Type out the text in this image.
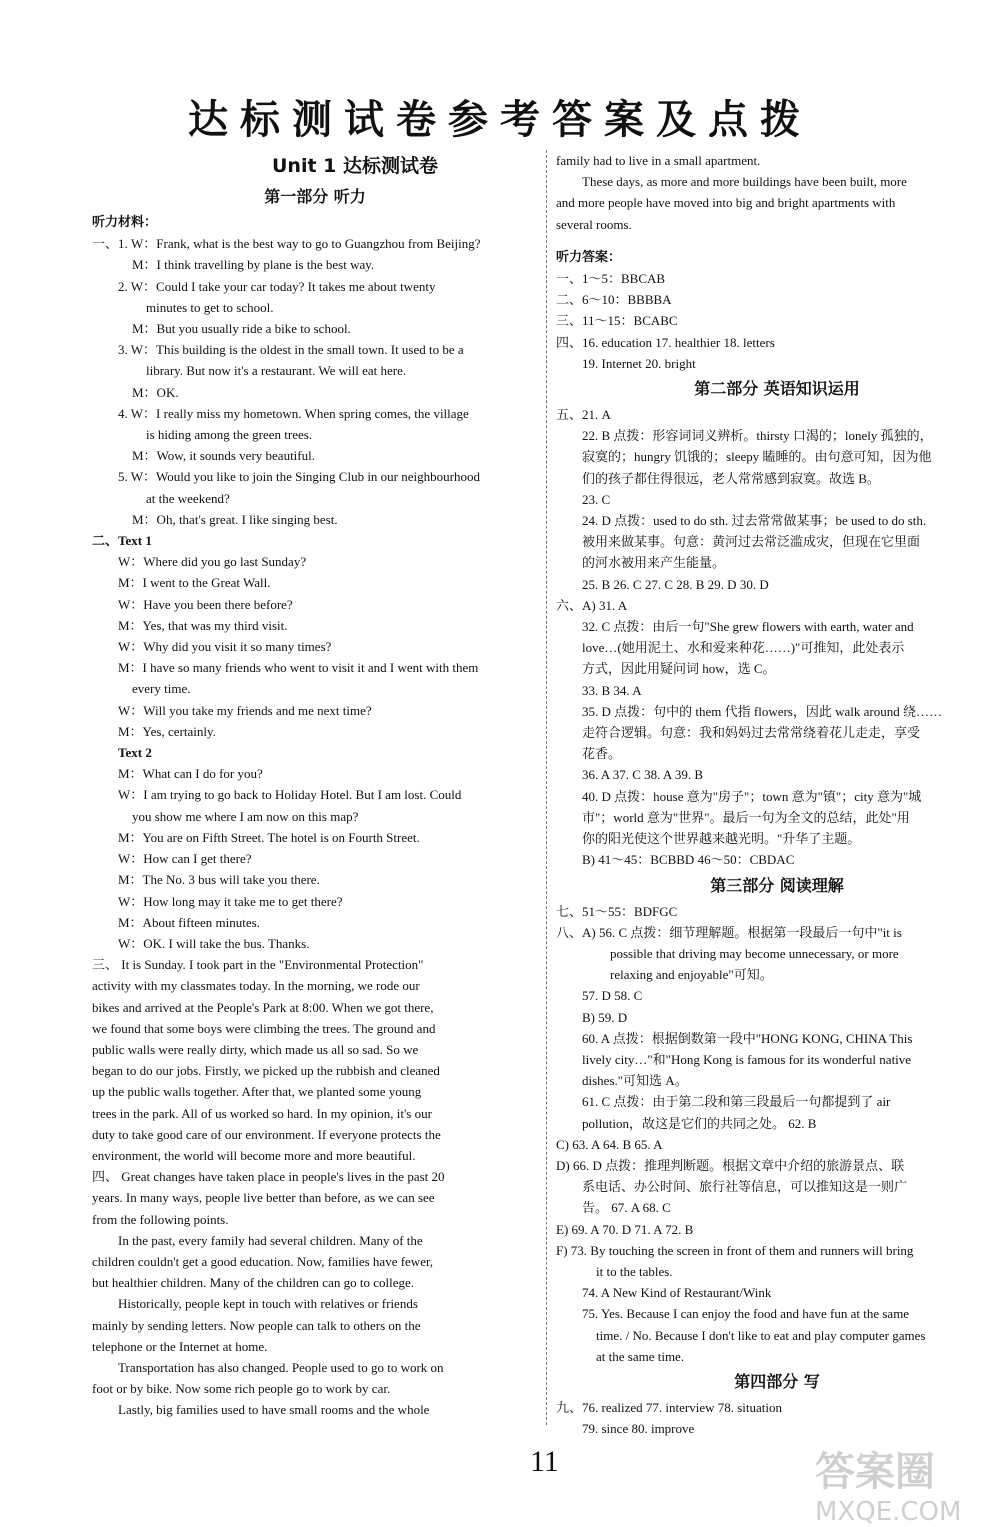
达标测试卷参考答案及点拨
Unit 1 达标测试卷
第一部分 听力
听力材料：
一、1. W：Frank, what is the best way to go to Guangzhou from Beijing?
M：I think travelling by plane is the best way.
2. W：Could I take your car today? It takes me about twenty
minutes to get to school.
M：But you usually ride a bike to school.
3. W：This building is the oldest in the small town. It used to be a
library. But now it's a restaurant. We will eat here.
M：OK.
4. W：I really miss my hometown. When spring comes, the village
is hiding among the green trees.
M：Wow, it sounds very beautiful.
5. W：Would you like to join the Singing Club in our neighbourhood
at the weekend?
M：Oh, that's great. I like singing best.
二、Text 1
W：Where did you go last Sunday?
M：I went to the Great Wall.
W：Have you been there before?
M：Yes, that was my third visit.
W：Why did you visit it so many times?
M：I have so many friends who went to visit it and I went with them
every time.
W：Will you take my friends and me next time?
M：Yes, certainly.
Text 2
M：What can I do for you?
W：I am trying to go back to Holiday Hotel. But I am lost. Could
you show me where I am now on this map?
M：You are on Fifth Street. The hotel is on Fourth Street.
W：How can I get there?
M：The No. 3 bus will take you there.
W：How long may it take me to get there?
M：About fifteen minutes.
W：OK. I will take the bus. Thanks.
三、 It is Sunday. I took part in the "Environmental Protection"
activity with my classmates today. In the morning, we rode our
bikes and arrived at the People's Park at 8:00. When we got there,
we found that some boys were climbing the trees. The ground and
public walls were really dirty, which made us all so sad. So we
began to do our jobs. Firstly, we picked up the rubbish and cleaned
up the public walls together. After that, we planted some young
trees in the park. All of us worked so hard. In my opinion, it's our
duty to take good care of our environment. If everyone protects the
environment, the world will become more and more beautiful.
四、 Great changes have taken place in people's lives in the past 20
years. In many ways, people live better than before, as we can see
from the following points.
In the past, every family had several children. Many of the
children couldn't get a good education. Now, families have fewer,
but healthier children. Many of the children can go to college.
Historically, people kept in touch with relatives or friends
mainly by sending letters. Now people can talk to others on the
telephone or the Internet at home.
Transportation has also changed. People used to go to work on
foot or by bike. Now some rich people go to work by car.
Lastly, big families used to have small rooms and the whole
family had to live in a small apartment.
These days, as more and more buildings have been built, more
and more people have moved into big and bright apartments with
several rooms.
听力答案：
一、1～5：BBCAB
二、6～10：BBBBA
三、11～15：BCABC
四、16. education 17. healthier 18. letters
19. Internet 20. bright
第二部分 英语知识运用
五、21. A
22. B 点拨：形容词词义辨析。thirsty 口渴的；lonely 孤独的，
寂寞的；hungry 饥饿的；sleepy 瞌睡的。由句意可知，因为他
们的孩子都住得很远，老人常常感到寂寞。故选 B。
23. C
24. D 点拨：used to do sth. 过去常常做某事；be used to do sth.
被用来做某事。句意：黄河过去常泛滥成灾，但现在它里面
的河水被用来产生能量。
25. B 26. C 27. C 28. B 29. D 30. D
六、A) 31. A
32. C 点拨：由后一句"She grew flowers with earth, water and
love…(她用泥土、水和爱来种花……)"可推知，此处表示
方式，因此用疑问词 how，选 C。
33. B 34. A
35. D 点拨：句中的 them 代指 flowers，因此 walk around 绕……
走符合逻辑。句意：我和妈妈过去常常绕着花儿走走，享受
花香。
36. A 37. C 38. A 39. B
40. D 点拨：house 意为"房子"；town 意为"镇"；city 意为"城
市"；world 意为"世界"。最后一句为全文的总结，此处"用
你的阳光使这个世界越来越光明。"升华了主题。
B) 41～45：BCBBD 46～50：CBDAC
第三部分 阅读理解
七、51～55：BDFGC
八、A) 56. C 点拨：细节理解题。根据第一段最后一句中"it is
possible that driving may become unnecessary, or more
relaxing and enjoyable"可知。
57. D 58. C
B) 59. D
60. A 点拨：根据倒数第一段中"HONG KONG, CHINA This
lively city…"和"Hong Kong is famous for its wonderful native
dishes."可知选 A。
61. C 点拨：由于第二段和第三段最后一句都提到了 air
pollution，故这是它们的共同之处。 62. B
C) 63. A 64. B 65. A
D) 66. D 点拨：推理判断题。根据文章中介绍的旅游景点、联
系电话、办公时间、旅行社等信息，可以推知这是一则广
告。 67. A 68. C
E) 69. A 70. D 71. A 72. B
F) 73. By touching the screen in front of them and runners will bring
it to the tables.
74. A New Kind of Restaurant/Wink
75. Yes. Because I can enjoy the food and have fun at the same
time. / No. Because I don't like to eat and play computer games
at the same time.
第四部分 写
九、76. realized 77. interview 78. situation
79. since 80. improve
11	答案圈
MXQE.COM
